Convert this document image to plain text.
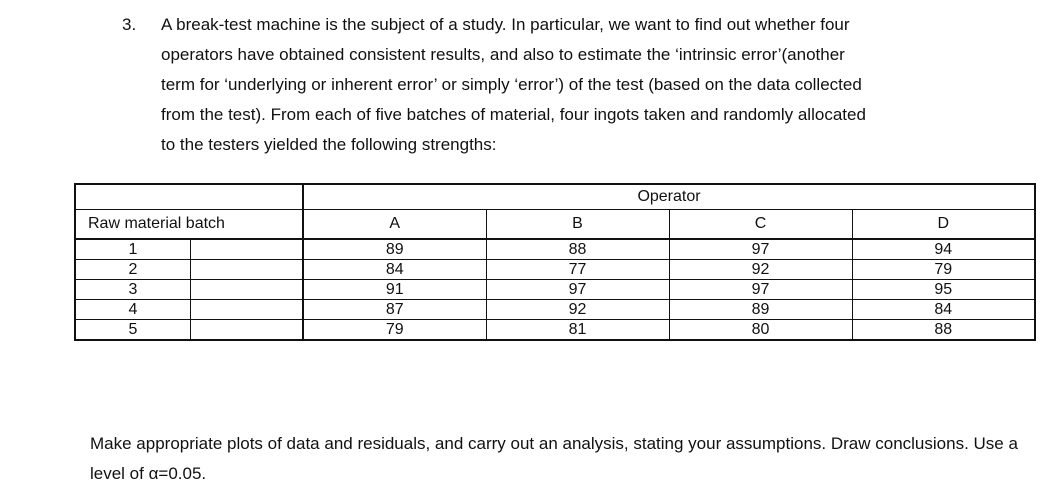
3. A break-test machine is the subject of a study. In particular, we want to find out whether four
operators have obtained consistent results, and also to estimate the ‘intrinsic error’(another
term for ‘underlying or inherent error’ or simply ‘error’) of the test (based on the data collected
from the test). From each of five batches of material, four ingots taken and randomly allocated
to the testers yielded the following strengths:
	Operator			
Raw material batch	A	B	C	D

1	89	88	97	94

2	84	77	92	79

3	91	97	97	95

4	87	92	89	84

5	79	81	80	88
Make appropriate plots of data and residuals, and carry out an analysis, stating your assumptions. Draw conclusions. Use a level of α=0.05.
